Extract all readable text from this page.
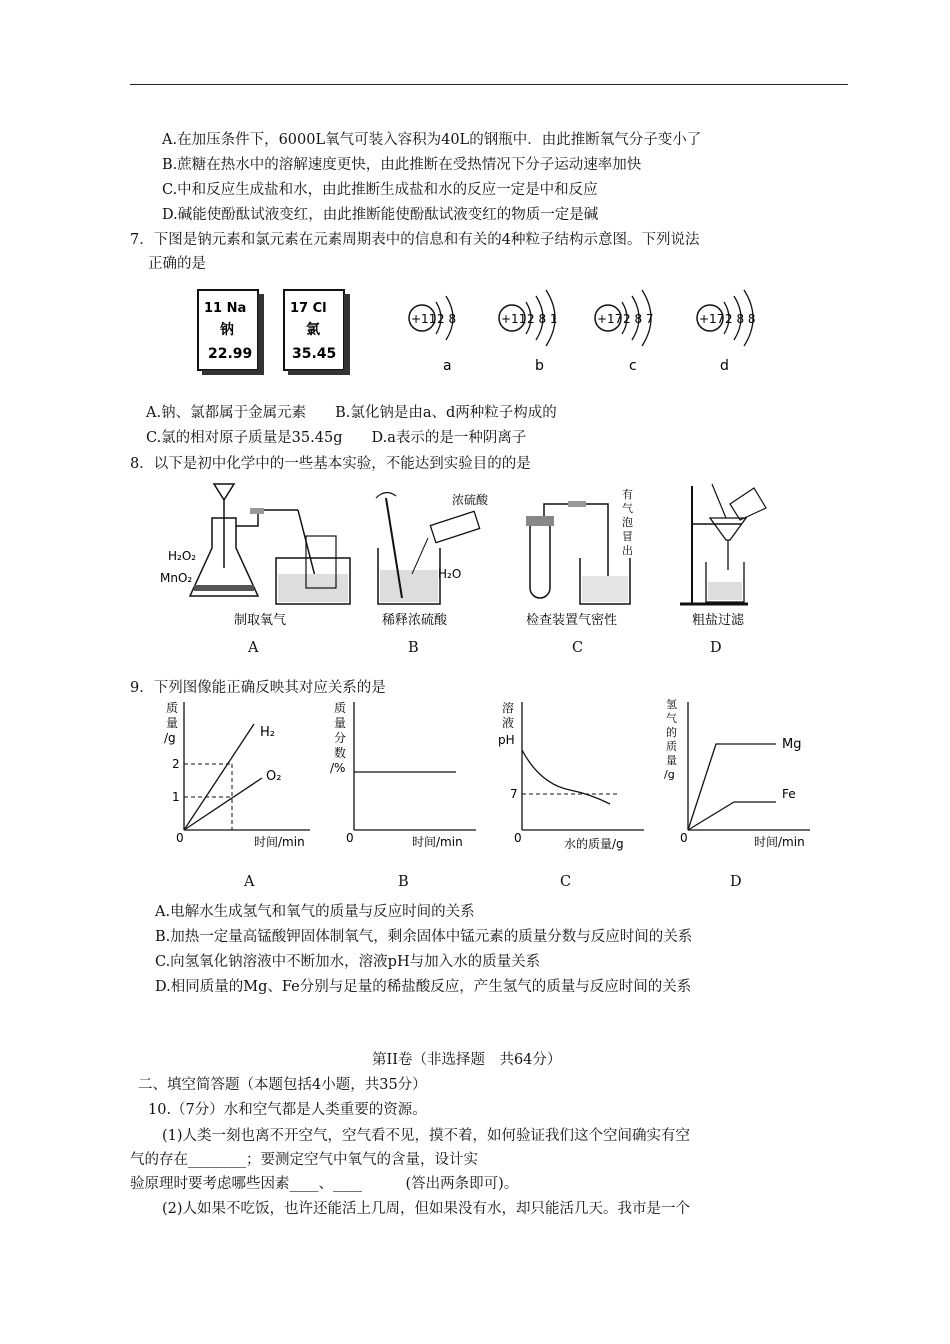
A.在加压条件下，6000L氧气可装入容积为40L的钢瓶中．由此推断氧气分子变小了
B.蔗糖在热水中的溶解速度更快，由此推断在受热情况下分子运动速率加快
C.中和反应生成盐和水，由此推断生成盐和水的反应一定是中和反应
D.碱能使酚酞试液变红，由此推断能使酚酞试液变红的物质一定是碱
7．下图是钠元素和氯元素在元素周期表中的信息和有关的4种粒子结构示意图。下列说法
正确的是
11 Na
钠
22.99
17 Cl
氯
35.45
+11 2 8
a
+11 2 8 1
b
+17 2 8 7
c
+17 2 8 8
d
A.钠、氯都属于金属元素　　B.氯化钠是由a、d两种粒子构成的
C.氯的相对原子质量是35.45g　　D.a表示的是一种阴离子
8．以下是初中化学中的一些基本实验，不能达到实验目的的是
H₂O₂
MnO₂
制取氧气
浓硫酸
H₂O
稀释浓硫酸
有
气
泡
冒
出
检查装置气密性	粗盐过滤
A	B	C	D
9．下列图像能正确反映其对应关系的是
质
量
/g
2
1
0
H₂
O₂
时间/min
质
量
分
数
/%
0	时间/min
溶
液
pH
7
0	水的质量/g
氢
气
的
质
量
/g
0
Mg
Fe
时间/min
A	B	C	D
A.电解水生成氢气和氧气的质量与反应时间的关系
B.加热一定量高锰酸钾固体制氧气，剩余固体中锰元素的质量分数与反应时间的关系
C.向氢氧化钠溶液中不断加水，溶液pH与加入水的质量关系
D.相同质量的Mg、Fe分别与足量的稀盐酸反应，产生氢气的质量与反应时间的关系
第II卷（非选择题　共64分）
二、填空简答题（本题包括4小题，共35分）
10.（7分）水和空气都是人类重要的资源。
(1)人类一刻也离不开空气，空气看不见，摸不着，如何验证我们这个空间确实有空
气的存在________；要测定空气中氧气的含量，设计实
验原理时要考虑哪些因素____、____　　　(答出两条即可)。
(2)人如果不吃饭，也许还能活上几周，但如果没有水，却只能活几天。我市是一个
